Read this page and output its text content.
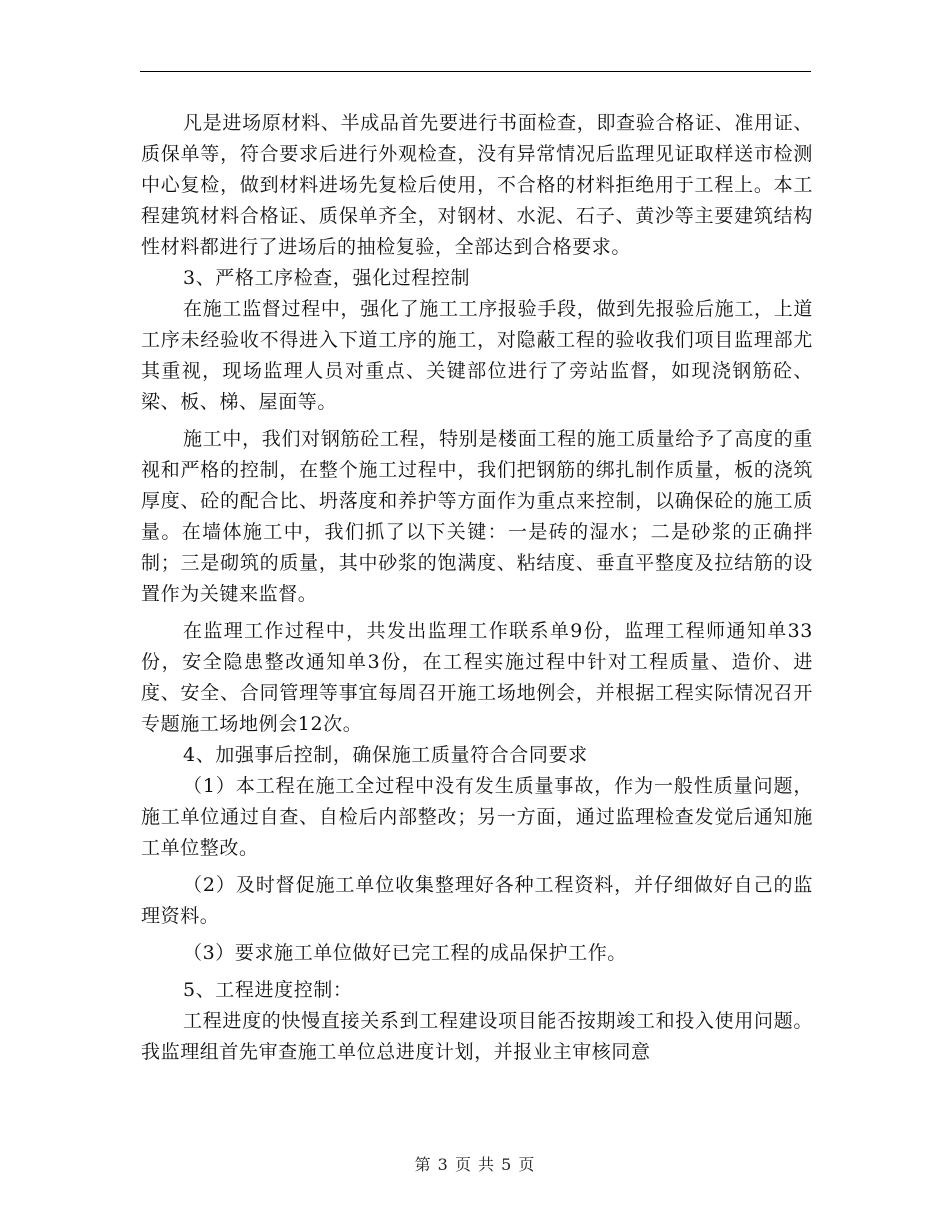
凡是进场原材料、半成品首先要进行书面检查，即查验合格证、准用证、质保单等，符合要求后进行外观检查，没有异常情况后监理见证取样送市检测中心复检，做到材料进场先复检后使用，不合格的材料拒绝用于工程上。本工程建筑材料合格证、质保单齐全，对钢材、水泥、石子、黄沙等主要建筑结构性材料都进行了进场后的抽检复验，全部达到合格要求。

3、严格工序检查，强化过程控制

在施工监督过程中，强化了施工工序报验手段，做到先报验后施工，上道工序未经验收不得进入下道工序的施工，对隐蔽工程的验收我们项目监理部尤其重视，现场监理人员对重点、关键部位进行了旁站监督，如现浇钢筋砼、梁、板、梯、屋面等。

施工中，我们对钢筋砼工程，特别是楼面工程的施工质量给予了高度的重视和严格的控制，在整个施工过程中，我们把钢筋的绑扎制作质量，板的浇筑厚度、砼的配合比、坍落度和养护等方面作为重点来控制，以确保砼的施工质量。在墙体施工中，我们抓了以下关键：一是砖的湿水；二是砂浆的正确拌制；三是砌筑的质量，其中砂浆的饱满度、粘结度、垂直平整度及拉结筋的设置作为关键来监督。

在监理工作过程中，共发出监理工作联系单9份，监理工程师通知单33份，安全隐患整改通知单3份，在工程实施过程中针对工程质量、造价、进度、安全、合同管理等事宜每周召开施工场地例会，并根据工程实际情况召开专题施工场地例会12次。

4、加强事后控制，确保施工质量符合合同要求

（1）本工程在施工全过程中没有发生质量事故，作为一般性质量问题，施工单位通过自查、自检后内部整改；另一方面，通过监理检查发觉后通知施工单位整改。

（2）及时督促施工单位收集整理好各种工程资料，并仔细做好自己的监理资料。

（3）要求施工单位做好已完工程的成品保护工作。

5、工程进度控制：

工程进度的快慢直接关系到工程建设项目能否按期竣工和投入使用问题。我监理组首先审查施工单位总进度计划，并报业主审核同意

第 3 页 共 5 页
